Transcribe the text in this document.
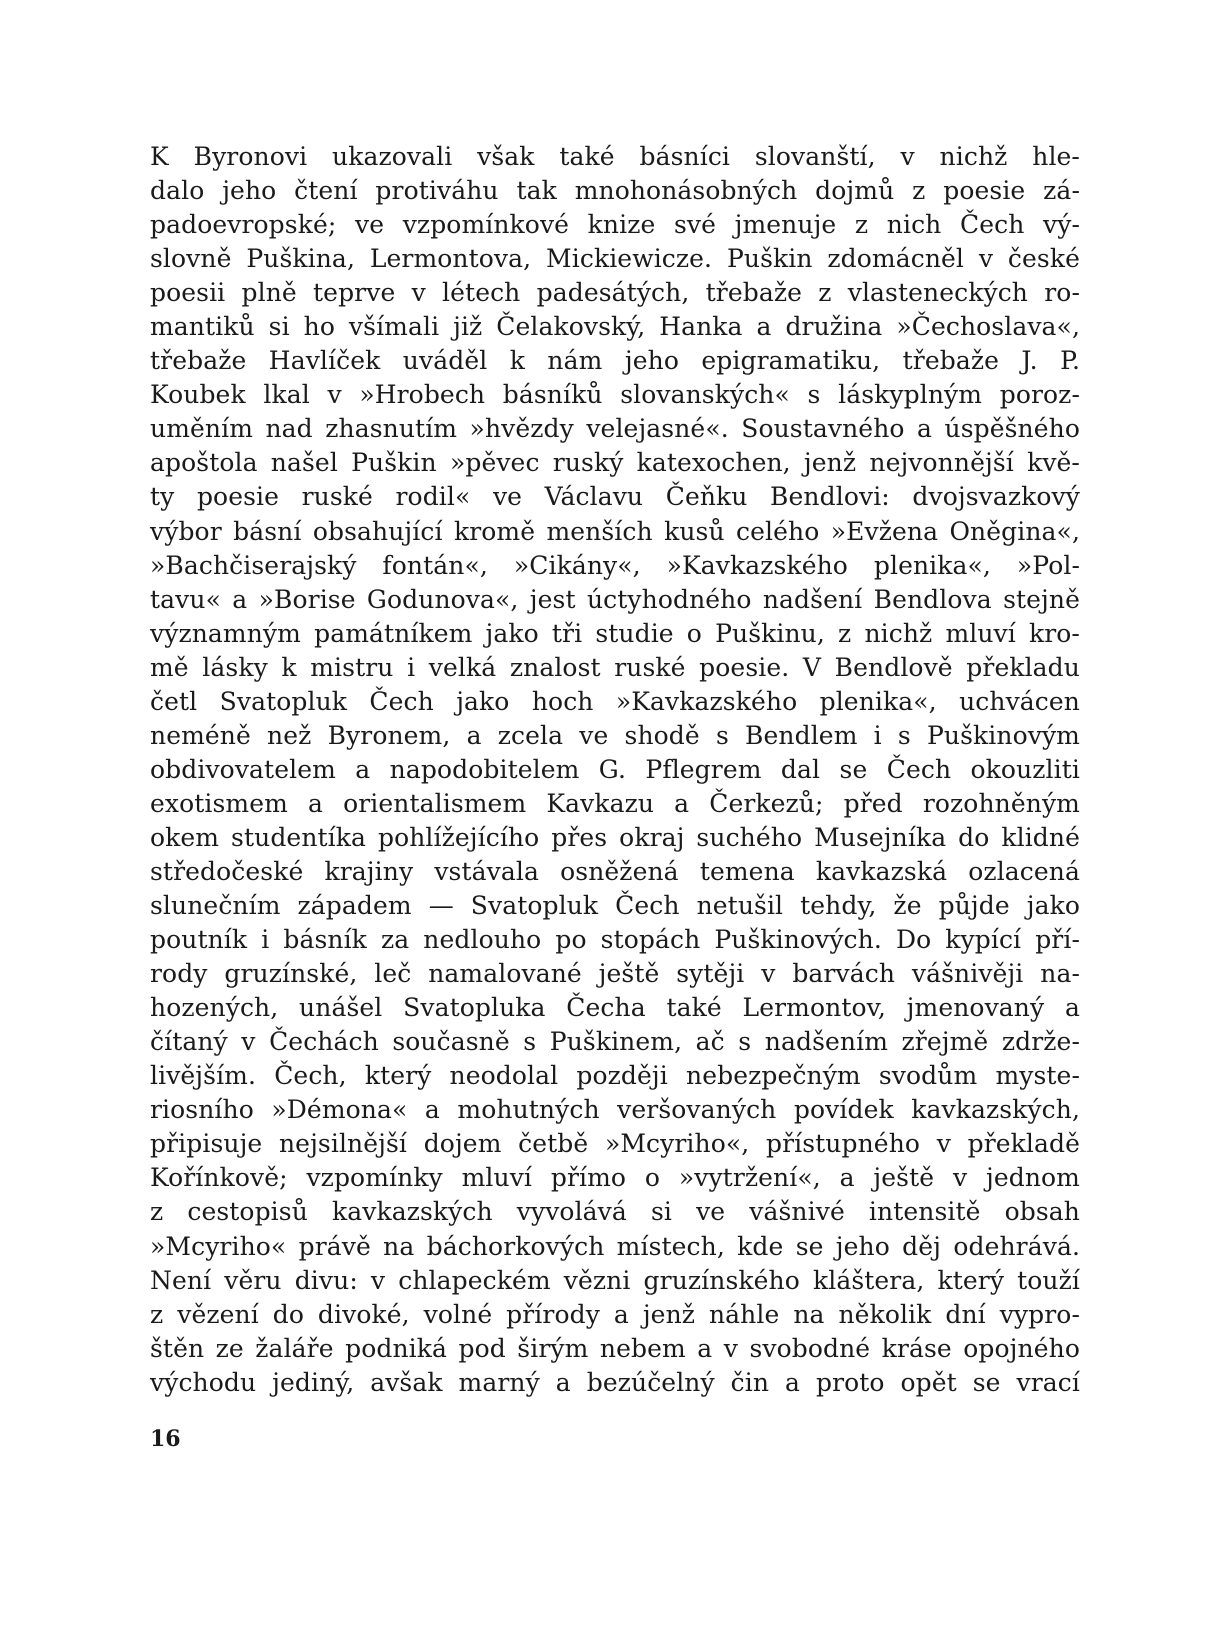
K Byronovi ukazovali však také básníci slovanští, v nichž hle-
dalo jeho čtení protiváhu tak mnohonásobných dojmů z poesie zá-
padoevropské; ve vzpomínkové knize své jmenuje z nich Čech vý-
slovně Puškina, Lermontova, Mickiewicze. Puškin zdomácněl v české
poesii plně teprve v létech padesátých, třebaže z vlasteneckých ro-
mantiků si ho všímali již Čelakovský, Hanka a družina »Čechoslava«,
třebaže Havlíček uváděl k nám jeho epigramatiku, třebaže J. P.
Koubek lkal v »Hrobech básníků slovanských« s láskyplným poroz-
uměním nad zhasnutím »hvězdy velejasné«. Soustavného a úspěšného
apoštola našel Puškin »pěvec ruský katexochen, jenž nejvonnější kvě-
ty poesie ruské rodil« ve Václavu Čeňku Bendlovi: dvojsvazkový
výbor básní obsahující kromě menších kusů celého »Evžena Oněgina«,
»Bachčiserajský fontán«, »Cikány«, »Kavkazského plenika«, »Pol-
tavu« a »Borise Godunova«, jest úctyhodného nadšení Bendlova stejně
významným památníkem jako tři studie o Puškinu, z nichž mluví kro-
mě lásky k mistru i velká znalost ruské poesie. V Bendlově překladu
četl Svatopluk Čech jako hoch »Kavkazského plenika«, uchvácen
neméně než Byronem, a zcela ve shodě s Bendlem i s Puškinovým
obdivovatelem a napodobitelem G. Pflegrem dal se Čech okouzliti
exotismem a orientalismem Kavkazu a Čerkezů; před rozohněným
okem studentíka pohlížejícího přes okraj suchého Musejníka do klidné
středočeské krajiny vstávala osněžená temena kavkazská ozlacená
slunečním západem — Svatopluk Čech netušil tehdy, že půjde jako
poutník i básník za nedlouho po stopách Puškinových. Do kypící pří-
rody gruzínské, leč namalované ještě sytěji v barvách vášnivěji na-
hozených, unášel Svatopluka Čecha také Lermontov, jmenovaný a
čítaný v Čechách současně s Puškinem, ač s nadšením zřejmě zdrže-
livějším. Čech, který neodolal později nebezpečným svodům myste-
riosního »Démona« a mohutných veršovaných povídek kavkazských,
připisuje nejsilnější dojem četbě »Mcyriho«, přístupného v překladě
Kořínkově; vzpomínky mluví přímo o »vytržení«, a ještě v jednom
z cestopisů kavkazských vyvolává si ve vášnivé intensitě obsah
»Mcyriho« právě na báchorkových místech, kde se jeho děj odehrává.
Není věru divu: v chlapeckém vězni gruzínského kláštera, který touží
z vězení do divoké, volné přírody a jenž náhle na několik dní vypro-
štěn ze žaláře podniká pod širým nebem a v svobodné kráse opojného
východu jediný, avšak marný a bezúčelný čin a proto opět se vrací
16
